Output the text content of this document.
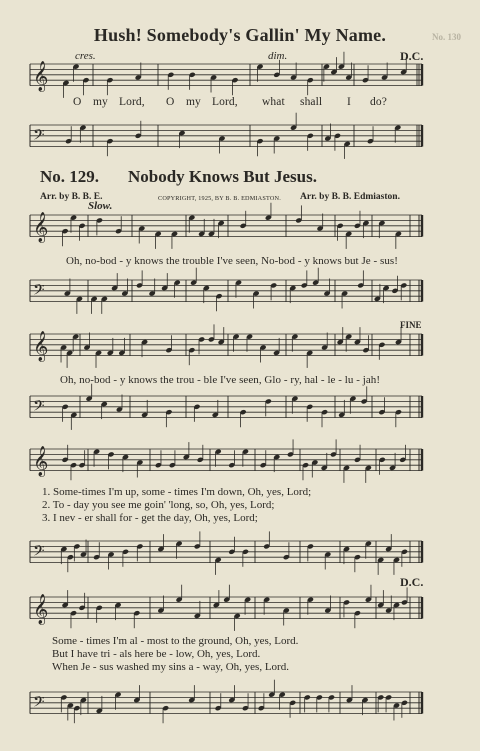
𝄞
𝄢
𝄞
𝄢
𝄞
𝄢
𝄞
𝄢
𝄞
𝄢
Hush! Somebody's Gallin' My Name.
cres.	dim.	D.C.
O my Lord, O my Lord, what shall I do?
No. 130
No. 129. Nobody Knows But Jesus.
Arr. by B. B. E.	COPYRIGHT, 1925, BY B. B. EDMIASTON. Arr. by B. B. Edmiaston.
Slow.
Oh, no-bod - y knows the trouble I've seen, No-bod - y knows but Je - sus!
FINE
Oh, no-bod - y knows the trou - ble I've seen, Glo - ry, hal - le - lu - jah!
1. Some-times I'm up, some - times I'm down, Oh, yes, Lord;
2. To - day you see me goin' 'long, so, Oh, yes, Lord;
3. I nev - er shall for - get the day, Oh, yes, Lord;
D.C.
Some - times I'm al - most to the ground, Oh, yes, Lord.
But I have tri - als here be - low, Oh, yes, Lord.
When Je - sus washed my sins a - way, Oh, yes, Lord.
